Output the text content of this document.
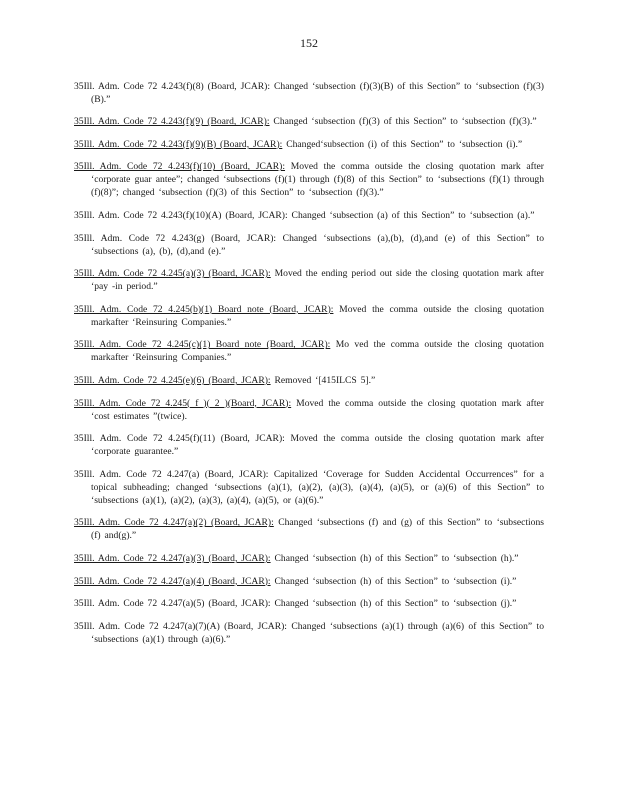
152

35Ill. Adm. Code 72 4.243(f)(8) (Board, JCAR): Changed ‘subsection (f)(3)(B) of this Section” to ‘subsection (f)(3)(B).”

35Ill. Adm. Code 72 4.243(f)(9) (Board, JCAR): Changed ‘subsection (f)(3) of this Section” to ‘subsection (f)(3).”

35Ill. Adm. Code 72 4.243(f)(9)(B) (Board, JCAR): Changed‘subsection (i) of this Section” to ‘subsection (i).”

35Ill. Adm. Code 72 4.243(f)(10) (Board, JCAR): Moved the comma outside the closing quotation mark after ‘corporate guar antee”; changed ‘subsections (f)(1) through (f)(8) of this Section” to ‘subsections (f)(1) through (f)(8)”; changed ‘subsection (f)(3) of this Section” to ‘subsection (f)(3).”

35Ill. Adm. Code 72 4.243(f)(10)(A) (Board, JCAR): Changed ‘subsection (a) of this Section” to ‘subsection (a).”

35Ill. Adm. Code 72 4.243(g) (Board, JCAR): Changed ‘subsections (a),(b), (d),and (e) of this Section” to ‘subsections (a), (b), (d),and (e).”

35Ill. Adm. Code 72 4.245(a)(3) (Board, JCAR): Moved the ending period out side the closing quotation mark after ‘pay -in period.”

35Ill. Adm. Code 72 4.245(b)(1) Board note (Board, JCAR): Moved the comma outside the closing quotation markafter ‘Reinsuring Companies.”

35Ill. Adm. Code 72 4.245(c)(1) Board note (Board, JCAR): Mo ved the comma outside the closing quotation markafter ‘Reinsuring Companies.”

35Ill. Adm. Code 72 4.245(e)(6) (Board, JCAR): Removed ‘[415ILCS 5].”

35Ill. Adm. Code 72 4.245( f )( 2 )(Board, JCAR): Moved the comma outside the closing quotation mark after ‘cost estimates ”(twice).

35Ill. Adm. Code 72 4.245(f)(11) (Board, JCAR): Moved the comma outside the closing quotation mark after ‘corporate guarantee.”

35Ill. Adm. Code 72 4.247(a) (Board, JCAR): Capitalized ‘Coverage for Sudden Accidental Occurrences” for a topical subheading; changed ‘subsections (a)(1), (a)(2), (a)(3), (a)(4), (a)(5), or (a)(6) of this Section” to ‘subsections (a)(1), (a)(2), (a)(3), (a)(4), (a)(5), or (a)(6).”

35Ill. Adm. Code 72 4.247(a)(2) (Board, JCAR): Changed ‘subsections (f) and (g) of this Section” to ‘subsections (f) and(g).”

35Ill. Adm. Code 72 4.247(a)(3) (Board, JCAR): Changed ‘subsection (h) of this Section” to ‘subsection (h).”

35Ill. Adm. Code 72 4.247(a)(4) (Board, JCAR): Changed ‘subsection (h) of this Section” to ‘subsection (i).”

35Ill. Adm. Code 72 4.247(a)(5) (Board, JCAR): Changed ‘subsection (h) of this Section” to ‘subsection (j).”

35Ill. Adm. Code 72 4.247(a)(7)(A) (Board, JCAR): Changed ‘subsections (a)(1) through (a)(6) of this Section” to ‘subsections (a)(1) through (a)(6).”
